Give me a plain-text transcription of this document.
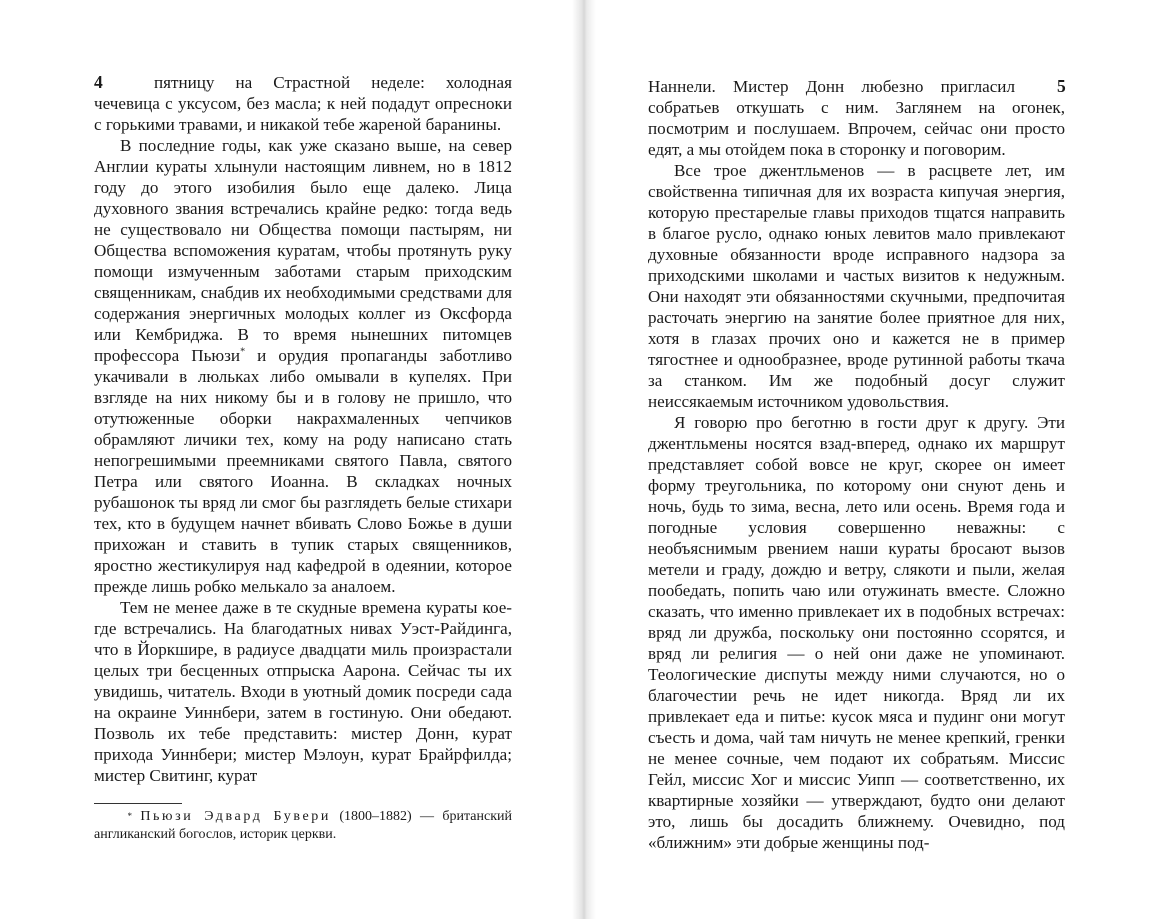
4	пятницу на Страстной неделе: холодная чечевица с уксусом, без масла; к ней подадут опресноки с горькими травами, и никакой тебе жареной баранины.

В последние годы, как уже сказано выше, на север Англии кураты хлынули настоящим ливнем, но в 1812 году до этого изобилия было еще далеко. Лица духовного звания встречались крайне редко: тогда ведь не существовало ни Общества помощи пастырям, ни Общества вспоможения куратам, чтобы протянуть руку помощи измученным заботами старым приходским священникам, снабдив их необходимыми средствами для содержания энергичных молодых коллег из Оксфорда или Кембриджа. В то время нынешних питомцев профессора Пьюзи* и орудия пропаганды заботливо укачивали в люльках либо омывали в купелях. При взгляде на них никому бы и в голову не пришло, что отутюженные оборки накрахмаленных чепчиков обрамляют личики тех, кому на роду написано стать непогрешимыми преемниками святого Павла, святого Петра или святого Иоанна. В складках ночных рубашонок ты вряд ли смог бы разглядеть белые стихари тех, кто в будущем начнет вбивать Слово Божье в души прихожан и ставить в тупик старых священников, яростно жестикулируя над кафедрой в одеянии, которое прежде лишь робко мелькало за аналоем.

Тем не менее даже в те скудные времена кураты кое-где встречались. На благодатных нивах Уэст-Райдинга, что в Йоркшире, в радиусе двадцати миль произрастали целых три бесценных отпрыска Аарона. Сейчас ты их увидишь, читатель. Входи в уютный домик посреди сада на окраине Уиннбери, затем в гостиную. Они обедают. Позволь их тебе представить: мистер Донн, курат прихода Уиннбери; мистер Мэлоун, курат Брайрфилда; мистер Свитинг, курат

* Пьюзи Эдвард Бувери (1800–1882) — британский англиканский богослов, историк церкви.
5

Наннели. Мистер Донн любезно пригласил собратьев откушать с ним. Заглянем на огонек, посмотрим и послушаем. Впрочем, сейчас они просто едят, а мы отойдем пока в сторонку и поговорим.

Все трое джентльменов — в расцвете лет, им свойственна типичная для их возраста кипучая энергия, которую престарелые главы приходов тщатся направить в благое русло, однако юных левитов мало привлекают духовные обязанности вроде исправного надзора за приходскими школами и частых визитов к недужным. Они находят эти обязанностями скучными, предпочитая расточать энергию на занятие более приятное для них, хотя в глазах прочих оно и кажется не в пример тягостнее и однообразнее, вроде рутинной работы ткача за станком. Им же подобный досуг служит неиссякаемым источником удовольствия.

Я говорю про беготню в гости друг к другу. Эти джентльмены носятся взад-вперед, однако их маршрут представляет собой вовсе не круг, скорее он имеет форму треугольника, по которому они снуют день и ночь, будь то зима, весна, лето или осень. Время года и погодные условия совершенно неважны: с необъяснимым рвением наши кураты бросают вызов метели и граду, дождю и ветру, слякоти и пыли, желая пообедать, попить чаю или отужинать вместе. Сложно сказать, что именно привлекает их в подобных встречах: вряд ли дружба, поскольку они постоянно ссорятся, и вряд ли религия — о ней они даже не упоминают. Теологические диспуты между ними случаются, но о благочестии речь не идет никогда. Вряд ли их привлекает еда и питье: кусок мяса и пудинг они могут съесть и дома, чай там ничуть не менее крепкий, гренки не менее сочные, чем подают их собратьям. Миссис Гейл, миссис Хог и миссис Уипп — соответственно, их квартирные хозяйки — утверждают, будто они делают это, лишь бы досадить ближнему. Очевидно, под «ближним» эти добрые женщины под-
